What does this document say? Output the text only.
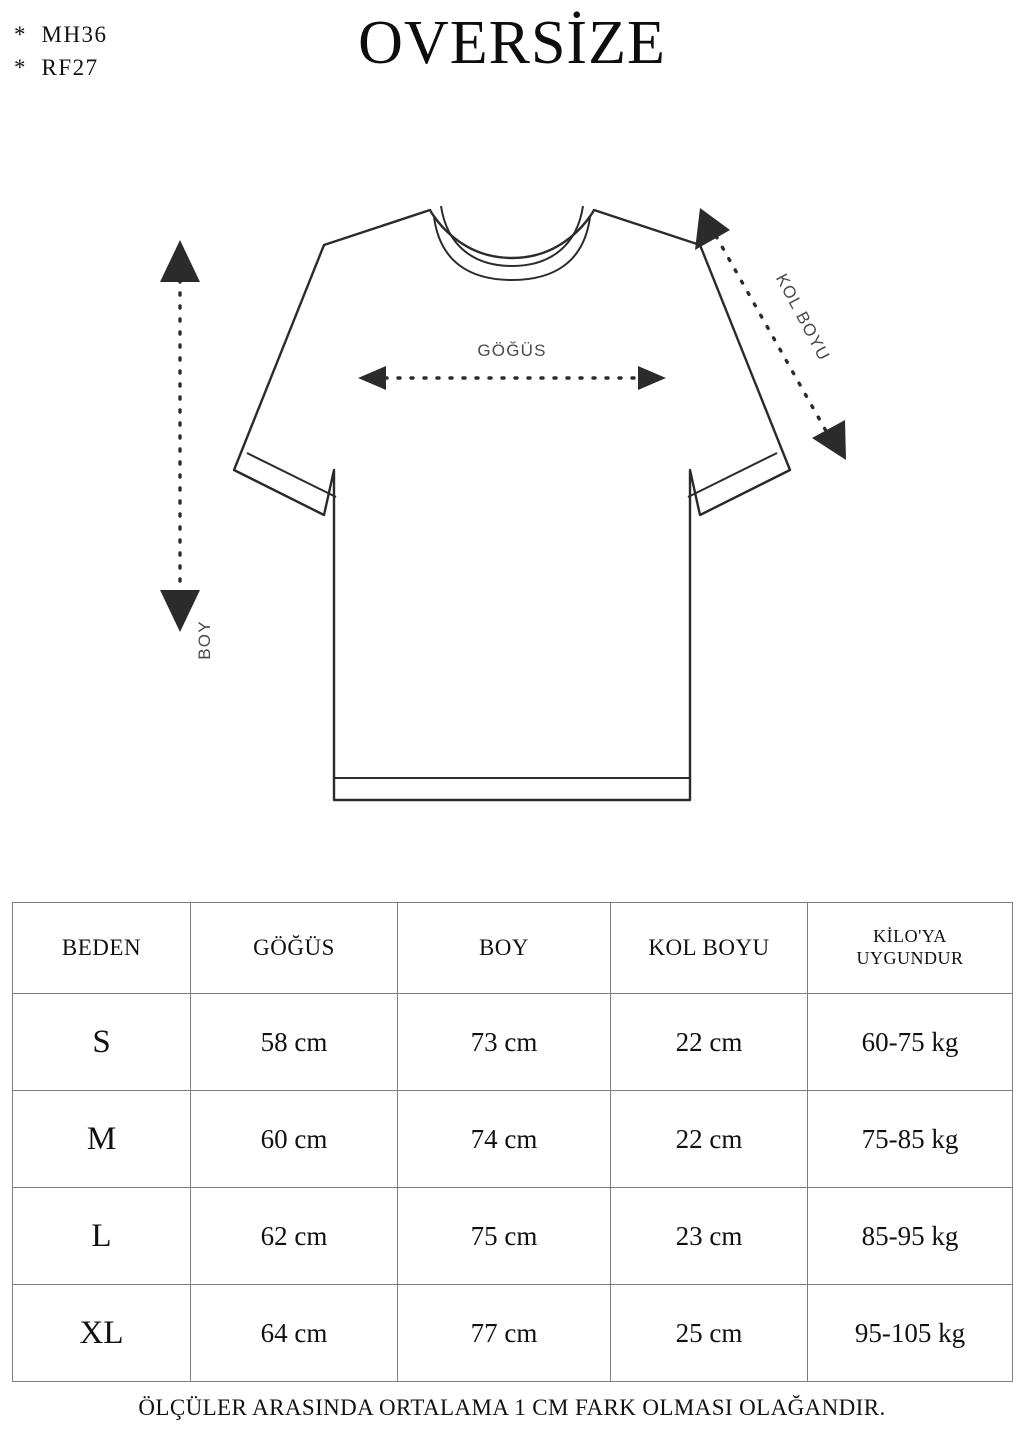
*  MH36
*  RF27	OVERSİZE
GÖĞÜS
BOY
KOL BOYU
BEDEN	GÖĞÜS	BOY	KOL BOYU	KİLO'YA
UYGUNDUR

S	58 cm	73 cm	22 cm	60-75 kg
M	60 cm	74 cm	22 cm	75-85 kg
L	62 cm	75 cm	23 cm	85-95 kg
XL	64 cm	77 cm	25 cm	95-105 kg
ÖLÇÜLER ARASINDA ORTALAMA 1 CM FARK OLMASI OLAĞANDIR.
